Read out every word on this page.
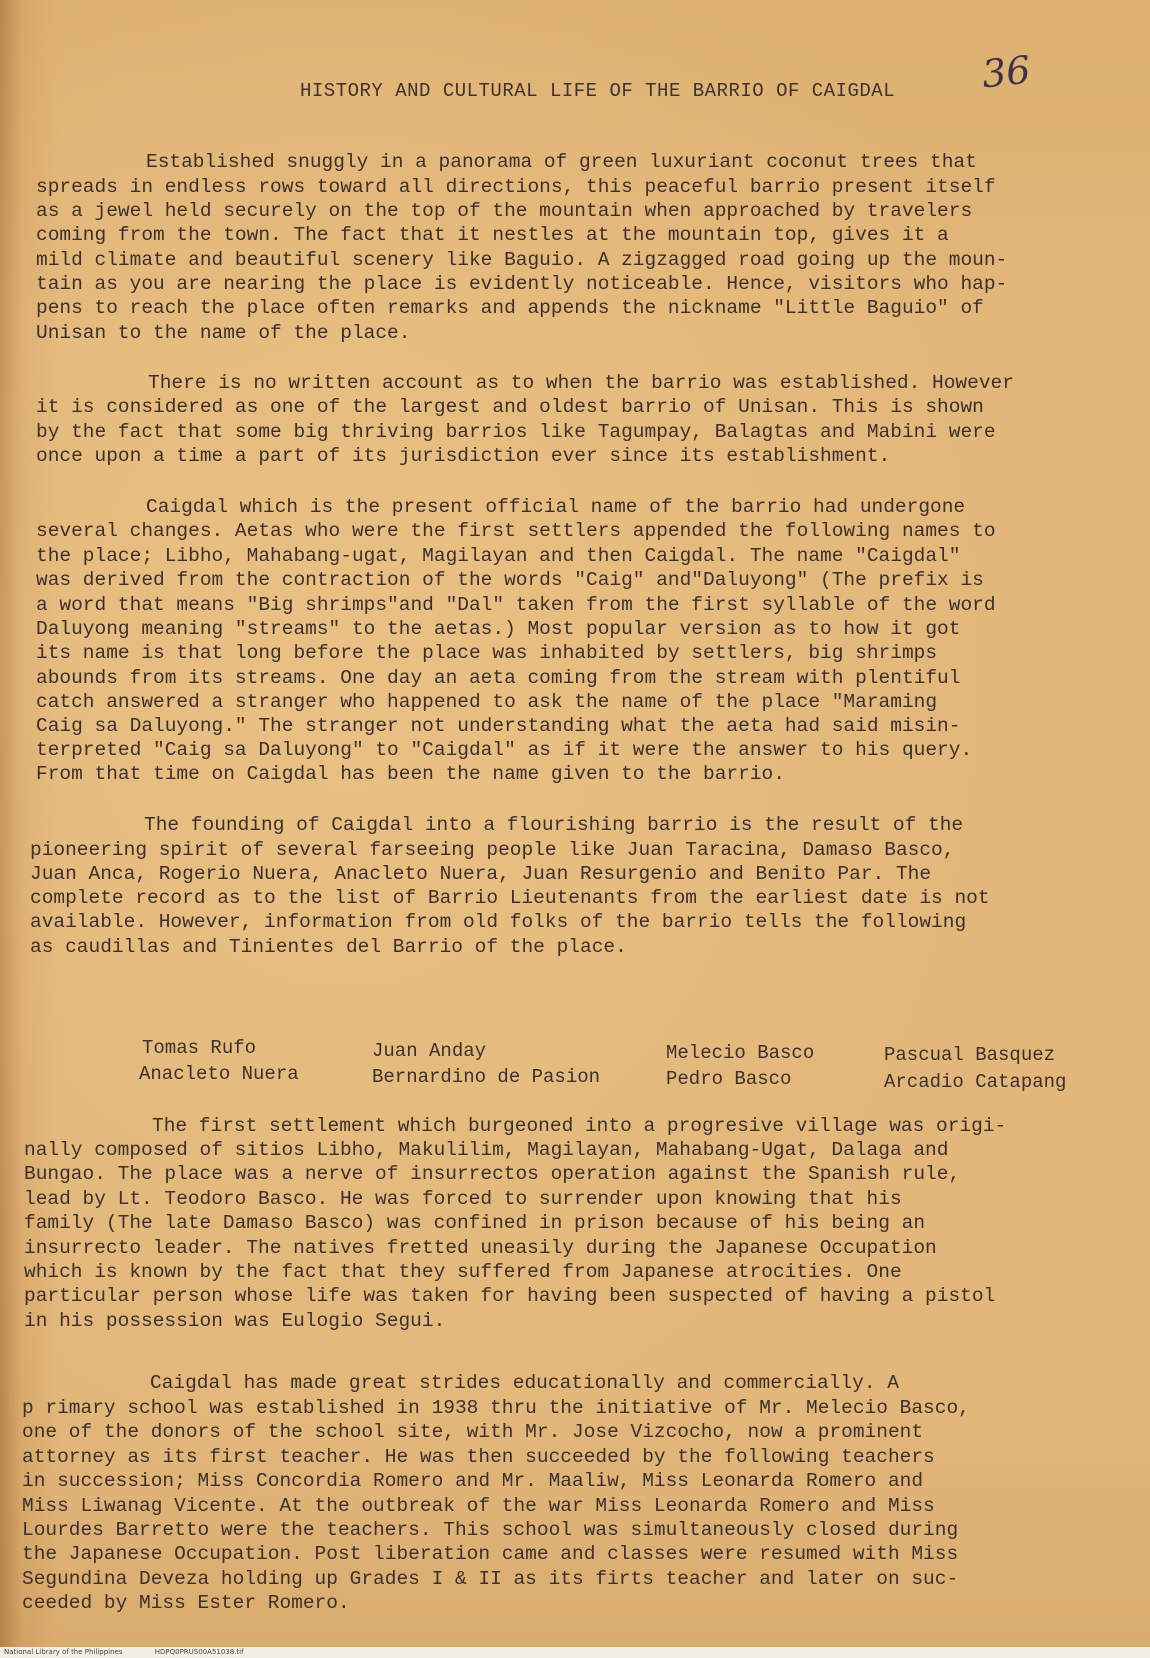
36
HISTORY AND CULTURAL LIFE OF THE BARRIO OF CAIGDAL
Established snuggly in a panorama of green luxuriant coconut trees that
spreads in endless rows toward all directions, this peaceful barrio present itself
as a jewel held securely on the top of the mountain when approached by travelers
coming from the town. The fact that it nestles at the mountain top, gives it a
mild climate and beautiful scenery like Baguio. A zigzagged road going up the moun-
tain as you are nearing the place is evidently noticeable. Hence, visitors who hap-
pens to reach the place often remarks and appends the nickname "Little Baguio" of
Unisan to the name of the place.
There is no written account as to when the barrio was established. However
it is considered as one of the largest and oldest barrio of Unisan. This is shown
by the fact that some big thriving barrios like Tagumpay, Balagtas and Mabini were
once upon a time a part of its jurisdiction ever since its establishment.
Caigdal which is the present official name of the barrio had undergone
several changes. Aetas who were the first settlers appended the following names to
the place; Libho, Mahabang-ugat, Magilayan and then Caigdal. The name "Caigdal"
was derived from the contraction of the words "Caig" and"Daluyong" (The prefix is
a word that means "Big shrimps"and "Dal" taken from the first syllable of the word
Daluyong meaning "streams" to the aetas.) Most popular version as to how it got
its name is that long before the place was inhabited by settlers, big shrimps
abounds from its streams. One day an aeta coming from the stream with plentiful
catch answered a stranger who happened to ask the name of the place "Maraming
Caig sa Daluyong." The stranger not understanding what the aeta had said misin-
terpreted "Caig sa Daluyong" to "Caigdal" as if it were the answer to his query.
From that time on Caigdal has been the name given to the barrio.
The founding of Caigdal into a flourishing barrio is the result of the
pioneering spirit of several farseeing people like Juan Taracina, Damaso Basco,
Juan Anca, Rogerio Nuera, Anacleto Nuera, Juan Resurgenio and Benito Par. The
complete record as to the list of Barrio Lieutenants from the earliest date is not
available. However, information from old folks of the barrio tells the following
as caudillas and Tinientes del Barrio of the place.
Tomas Rufo	Juan Anday	Melecio Basco	Pascual Basquez
Anacleto Nuera	Bernardino de Pasion	Pedro Basco	Arcadio Catapang
The first settlement which burgeoned into a progresive village was origi-
nally composed of sitios Libho, Makulilim, Magilayan, Mahabang-Ugat, Dalaga and
Bungao. The place was a nerve of insurrectos operation against the Spanish rule,
lead by Lt. Teodoro Basco. He was forced to surrender upon knowing that his
family (The late Damaso Basco) was confined in prison because of his being an
insurrecto leader. The natives fretted uneasily during the Japanese Occupation
which is known by the fact that they suffered from Japanese atrocities. One
particular person whose life was taken for having been suspected of having a pistol
in his possession was Eulogio Segui.
Caigdal has made great strides educationally and commercially. A
p rimary school was established in 1938 thru the initiative of Mr. Melecio Basco,
one of the donors of the school site, with Mr. Jose Vizcocho, now a prominent
attorney as its first teacher. He was then succeeded by the following teachers
in succession; Miss Concordia Romero and Mr. Maaliw, Miss Leonarda Romero and
Miss Liwanag Vicente. At the outbreak of the war Miss Leonarda Romero and Miss
Lourdes Barretto were the teachers. This school was simultaneously closed during
the Japanese Occupation. Post liberation came and classes were resumed with Miss
Segundina Deveza holding up Grades I & II as its firts teacher and later on suc-
ceeded by Miss Ester Romero.
National Library of the Philippines	HDPQ0PRUS00A51038.tif
